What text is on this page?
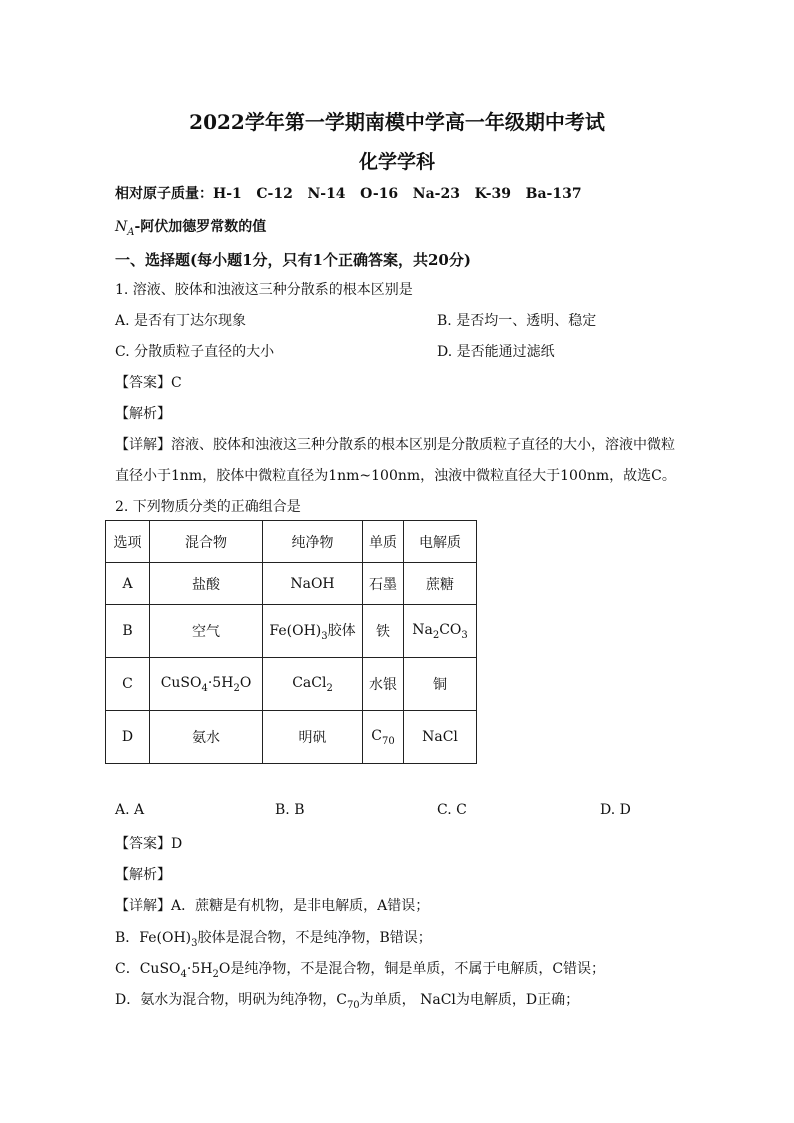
2022学年第一学期南模中学高一年级期中考试
化学学科
相对原子质量：H-1   C-12   N-14   O-16   Na-23   K-39   Ba-137
$N_A-$阿伏加德罗常数的值
一、选择题(每小题1分，只有1个正确答案，共20分)
1. 溶液、胶体和浊液这三种分散系的根本区别是
A. 是否有丁达尔现象	B. 是否均一、透明、稳定
C. 分散质粒子直径的大小	D. 是否能通过滤纸
【答案】C
【解析】
【详解】溶液、胶体和浊液这三种分散系的根本区别是分散质粒子直径的大小，溶液中微粒
直径小于1nm，胶体中微粒直径为1nm~100nm，浊液中微粒直径大于100nm，故选C。
2. 下列物质分类的正确组合是
选项	混合物	纯净物	单质	电解质
A	盐酸	NaOH	石墨	蔗糖
B	空气	$Fe(OH)_3$胶体	铁	$Na_2CO_3$
C	$CuSO_4\cdot 5H_2O$	CaCl$_2$	水银	铜
D	氨水	明矾	$C_{70}$	NaCl
A. A	B. B	C. C	D. D
【答案】D
【解析】
【详解】A．蔗糖是有机物，是非电解质，A错误；
B．$Fe(OH)_3$胶体是混合物，不是纯净物，B错误；
C．$CuSO_4\cdot 5H_2O$是纯净物，不是混合物，铜是单质，不属于电解质，C错误；
D．氨水为混合物，明矾为纯净物，$C_{70}$为单质， NaCl为电解质，D正确；
